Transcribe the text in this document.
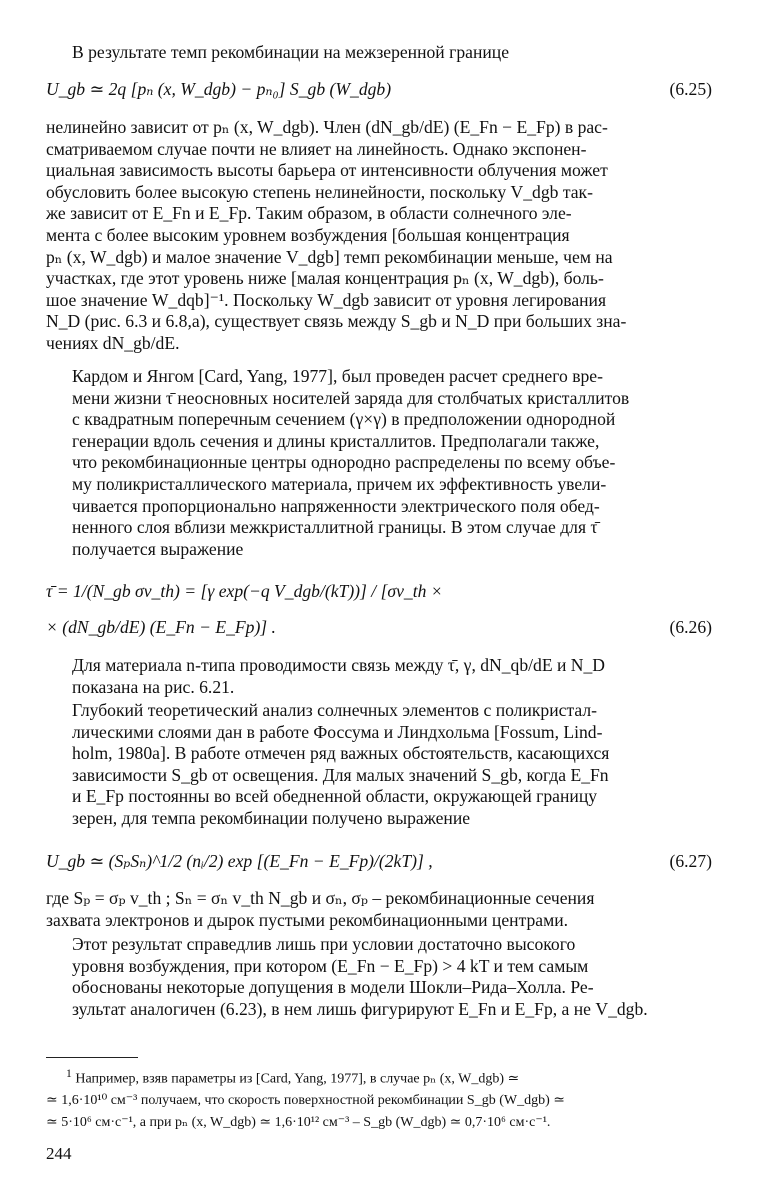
В результате темп рекомбинации на межзеренной границе

U_gb ≃ 2q [pₙ (x, W_dgb) − pₙ₀] S_gb (W_dgb)	(6.25)

нелинейно зависит от pₙ (x, W_dgb). Член (dN_gb/dE) (E_Fn − E_Fp) в рас-
сматриваемом случае почти не влияет на линейность. Однако экспонен-
циальная зависимость высоты барьера от интенсивности облучения может
обусловить более высокую степень нелинейности, поскольку V_dgb так-
же зависит от E_Fn и E_Fp. Таким образом, в области солнечного эле-
мента с более высоким уровнем возбуждения [большая концентрация
pₙ (x, W_dgb) и малое значение V_dgb] темп рекомбинации меньше, чем на
участках, где этот уровень ниже [малая концентрация pₙ (x, W_dgb), боль-
шое значение W_dqb]⁻¹. Поскольку W_dgb зависит от уровня легирования
N_D (рис. 6.3 и 6.8,а), существует связь между S_gb и N_D при больших зна-
чениях dN_gb/dE.

Кардом и Янгом [Card, Yang, 1977], был проведен расчет среднего вре-
мени жизни τ̄ неосновных носителей заряда для столбчатых кристаллитов
с квадратным поперечным сечением (γ×γ) в предположении однородной
генерации вдоль сечения и длины кристаллитов. Предполагали также,
что рекомбинационные центры однородно распределены по всему объе-
му поликристаллического материала, причем их эффективность увели-
чивается пропорционально напряженности электрического поля обед-
ненного слоя вблизи межкристаллитной границы. В этом случае для τ̄
получается выражение

τ̄ = 1/(N_gb σv_th) = [γ exp(−q V_dgb/(kT))] / [σv_th ×
× (dN_gb/dE) (E_Fn − E_Fp)] .	(6.26)

Для материала n-типа проводимости связь между τ̄, γ, dN_qb/dE и N_D
показана на рис. 6.21.

Глубокий теоретический анализ солнечных элементов с поликристал-
лическими слоями дан в работе Фоссума и Линдхольма [Fossum, Lind-
holm, 1980a]. В работе отмечен ряд важных обстоятельств, касающихся
зависимости S_gb от освещения. Для малых значений S_gb, когда E_Fn
и E_Fp постоянны во всей обедненной области, окружающей границу
зерен, для темпа рекомбинации получено выражение

U_gb ≃ (SₚSₙ)^1/2 (nᵢ/2) exp [(E_Fn − E_Fp)/(2kT)] ,	(6.27)

где Sₚ = σₚ v_th ; Sₙ = σₙ v_th N_gb и σₙ, σₚ – рекомбинационные сечения
захвата электронов и дырок пустыми рекомбинационными центрами.

Этот результат справедлив лишь при условии достаточно высокого
уровня возбуждения, при котором (E_Fn − E_Fp) > 4 kT и тем самым
обоснованы некоторые допущения в модели Шокли–Рида–Холла. Ре-
зультат аналогичен (6.23), в нем лишь фигурируют E_Fn и E_Fp, а не V_dgb.

$^1$ Например, взяв параметры из [Card, Yang, 1977], в случае pₙ (x, W_dgb) ≃
≃ 1,6·10¹⁰ см⁻³ получаем, что скорость поверхностной рекомбинации S_gb (W_dgb) ≃
≃ 5·10⁶ см·с⁻¹, а при pₙ (x, W_dgb) ≃ 1,6·10¹² см⁻³ – S_gb (W_dgb) ≃ 0,7·10⁶ см·с⁻¹.
244
